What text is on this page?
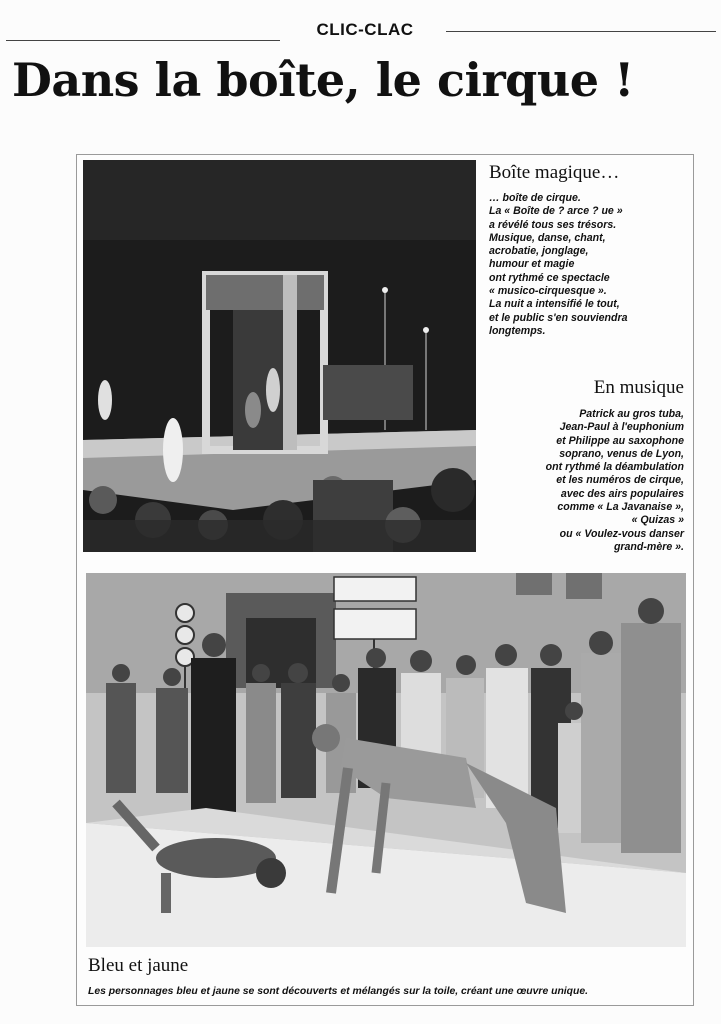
CLIC-CLAC
Dans la boîte, le cirque !
Boîte magique…
… boîte de cirque.
La « Boîte de ? arce ? ue »
a révélé tous ses trésors.
Musique, danse, chant,
acrobatie, jonglage,
humour et magie
ont rythmé ce spectacle
« musico-cirquesque ».
La nuit a intensifié le tout,
et le public s'en souviendra
longtemps.
En musique
Patrick au gros tuba,
Jean-Paul à l'euphonium
et Philippe au saxophone
soprano, venus de Lyon,
ont rythmé la déambulation
et les numéros de cirque,
avec des airs populaires
comme « La Javanaise »,
« Quizas »
ou « Voulez-vous danser
grand-mère ».
Bleu et jaune
Les personnages bleu et jaune se sont découverts et mélangés sur la toile, créant une œuvre unique.
